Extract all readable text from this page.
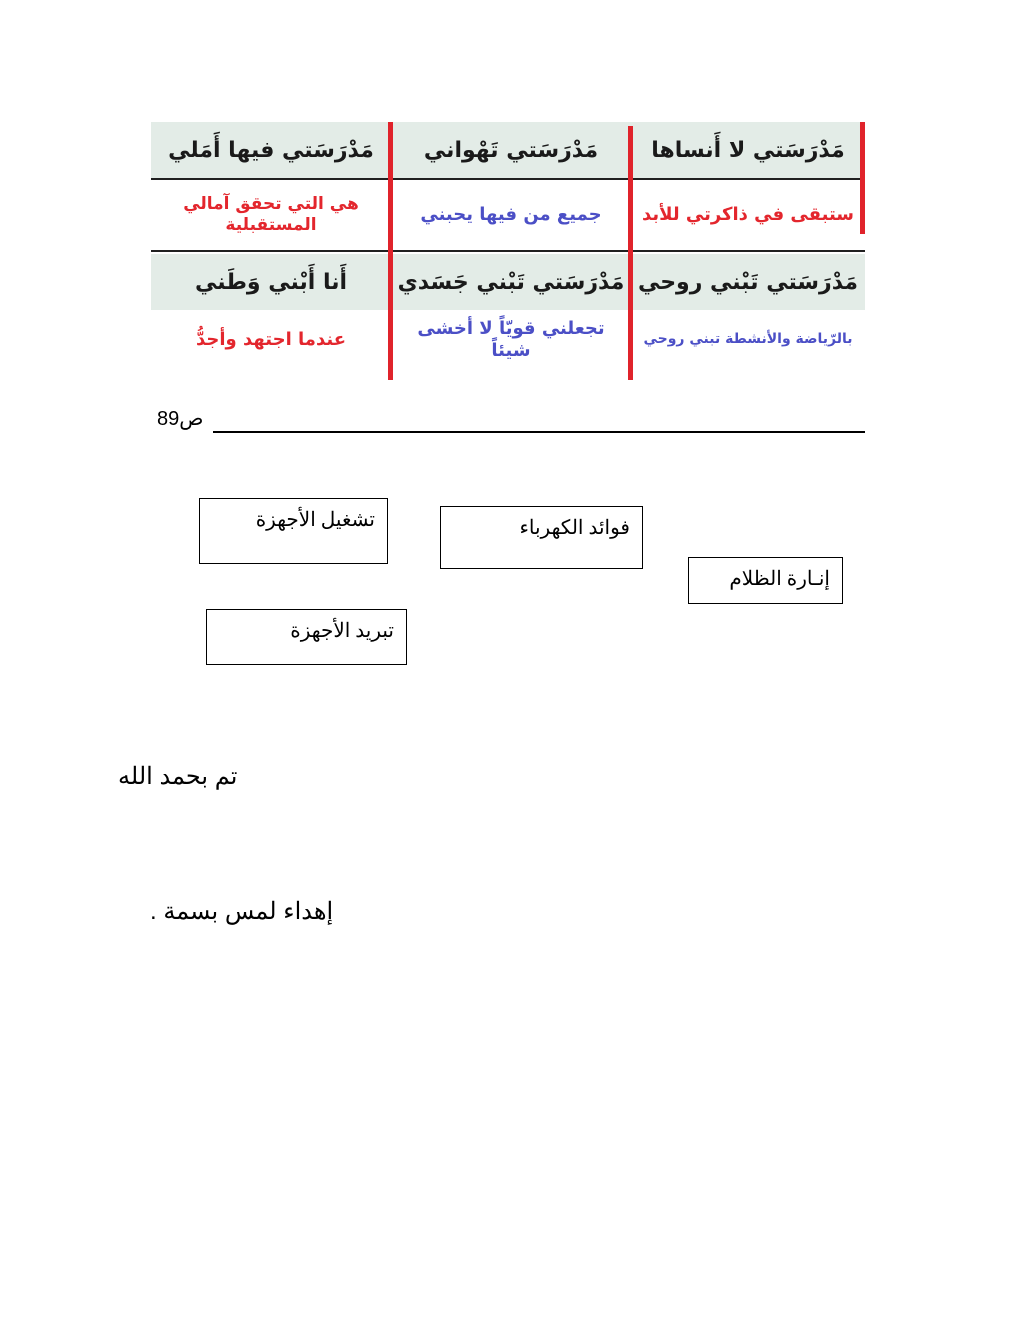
مَدْرَسَتي لا أَنساها
مَدْرَسَتي تَهْواني
مَدْرَسَتي فيها أَمَلي
ستبقى في ذاكرتي للأبد
جميع من فيها يحبني
هي التي تحقق آمالي المستقبلية
مَدْرَسَتي تَبْني روحي
مَدْرَسَتي تَبْني جَسَدي
أَنا أَبْني وَطَني
بالرّياضة والأنشطة تبني روحي
تجعلني قويّاً لا أخشى شيئاً
عندما اجتهد وأجدُّ
ص89
فوائد الكهرباء
تشغيل الأجهزة
إنـارة الظلام
تبريد الأجهزة
تم بحمد الله
إهداء لمس بسمة .
